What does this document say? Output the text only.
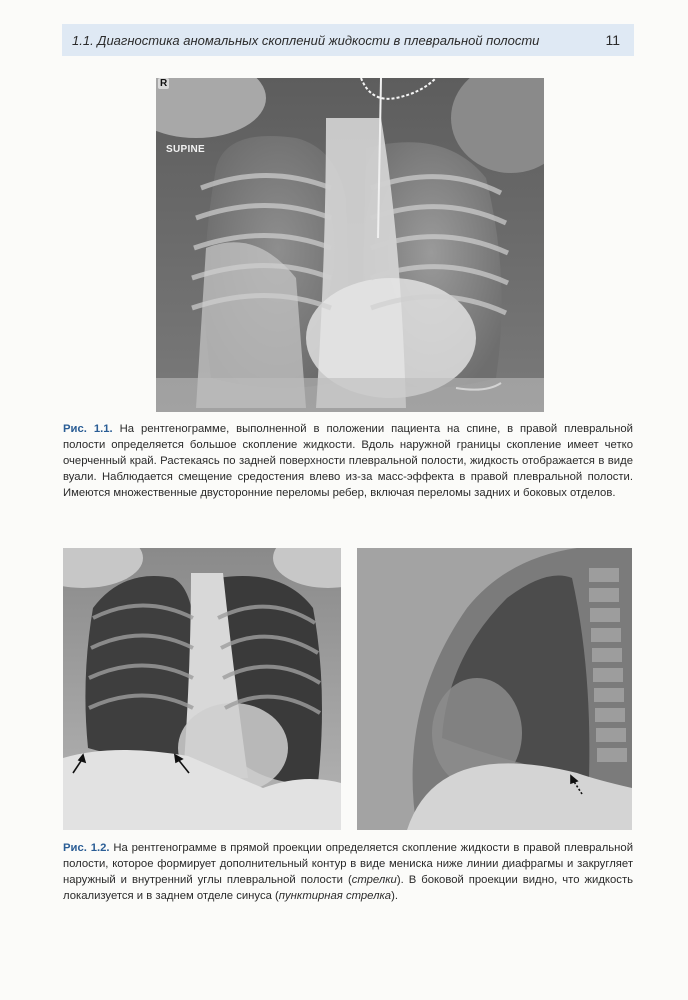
1.1. Диагностика аномальных скоплений жидкости в плевральной полости	11
R
SUPINE
Рис. 1.1. На рентгенограмме, выполненной в положении пациента на спине, в правой плевральной полости определяется большое скопление жидкости. Вдоль наружной границы скопление имеет четко очерченный край. Растекаясь по задней поверхности плевральной полости, жидкость отображается в виде вуали. Наблюдается смещение средостения влево из-за масс-эффекта в правой плевральной полости. Имеются множественные двусторонние переломы ребер, включая переломы задних и боковых отделов.
Рис. 1.2. На рентгенограмме в прямой проекции определяется скопление жидкости в правой плевральной полости, которое формирует дополнительный контур в виде мениска ниже линии диафрагмы и закругляет наружный и внутренний углы плевральной полости (стрелки). В боковой проекции видно, что жидкость локализуется и в заднем отделе синуса (пунктирная стрелка).
